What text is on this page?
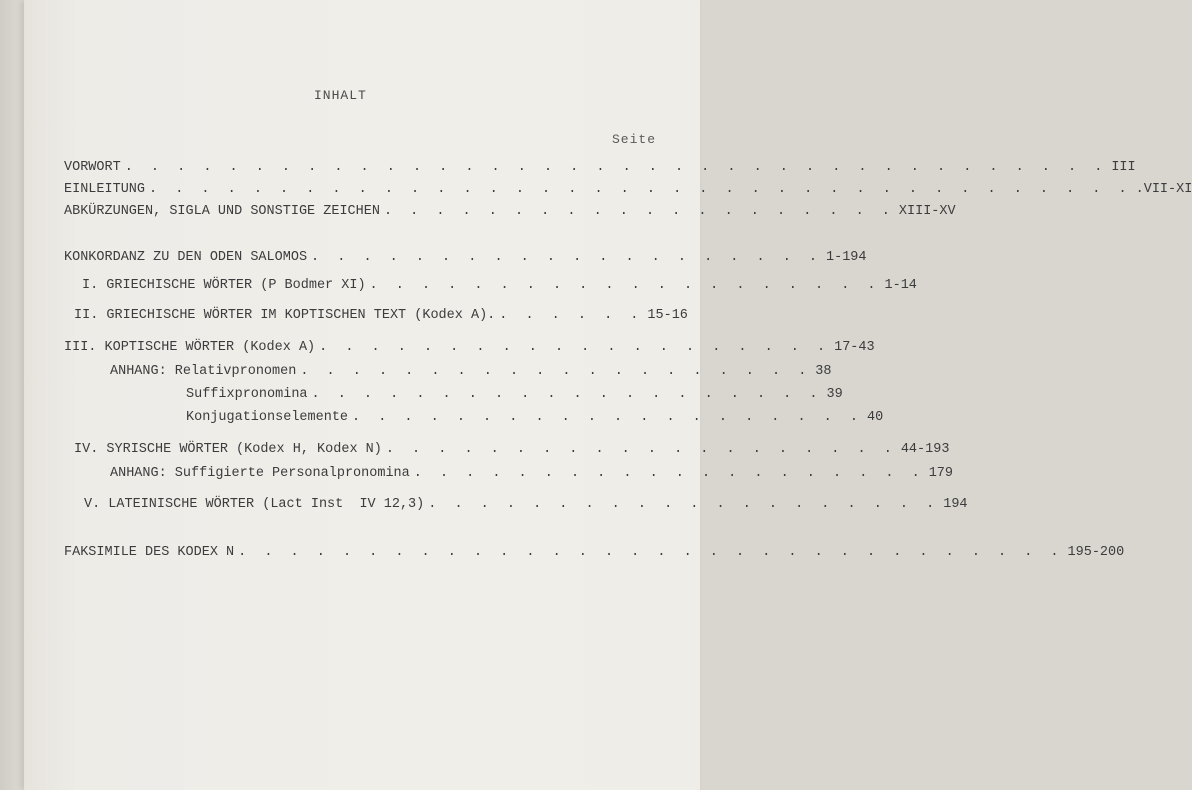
INHALT
Seite
VORWORT . . . . . . . . . . . . . . . . . . . . . . . . . . . . . . . . . . . . . . III
EINLEITUNG . . . . . . . . . . . . . . . . . . . . . . . . . . . . . . . . . . . . . . .VII-XI
ABKÜRZUNGEN, SIGLA UND SONSTIGE ZEICHEN . . . . . . . . . . . . . . . . . . . . XIII-XV
KONKORDANZ ZU DEN ODEN SALOMOS . . . . . . . . . . . . . . . . . . . . 1-194
I. GRIECHISCHE WÖRTER (P Bodmer XI) . . . . . . . . . . . . . . . . . . . . 1-14
II. GRIECHISCHE WÖRTER IM KOPTISCHEN TEXT (Kodex A). . . . . . . 15-16
III. KOPTISCHE WÖRTER (Kodex A) . . . . . . . . . . . . . . . . . . . . 17-43
ANHANG: Relativpronomen . . . . . . . . . . . . . . . . . . . . 38
Suffixpronomina . . . . . . . . . . . . . . . . . . . . 39
Konjugationselemente . . . . . . . . . . . . . . . . . . . . 40
IV. SYRISCHE WÖRTER (Kodex H, Kodex N) . . . . . . . . . . . . . . . . . . . . 44-193
ANHANG: Suffigierte Personalpronomina . . . . . . . . . . . . . . . . . . . . 179
V. LATEINISCHE WÖRTER (Lact Inst  IV 12,3) . . . . . . . . . . . . . . . . . . . . 194
FAKSIMILE DES KODEX N . . . . . . . . . . . . . . . . . . . . . . . . . . . . . . . . 195-200
